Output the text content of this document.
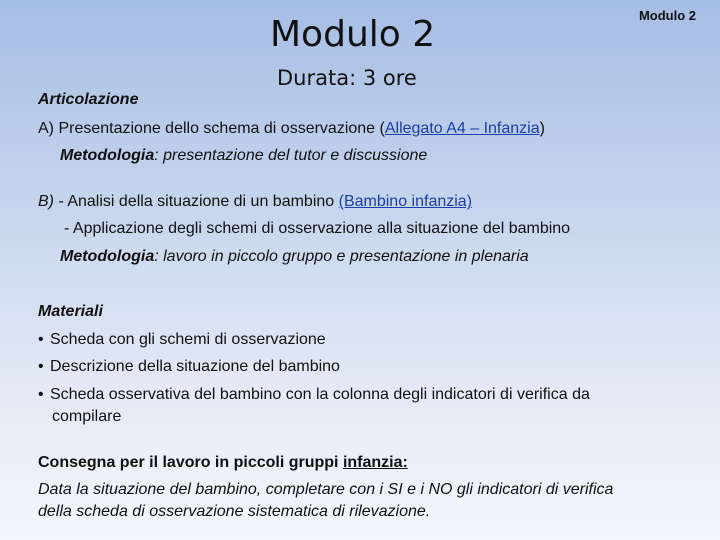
Modulo 2	Modulo 2
Durata: 3 ore
Articolazione
A) Presentazione dello schema di osservazione (Allegato A4 – Infanzia)
Metodologia: presentazione del tutor e discussione
B) - Analisi della situazione di un bambino (Bambino infanzia)
- Applicazione degli schemi di osservazione alla situazione del bambino
Metodologia: lavoro in piccolo gruppo e presentazione in plenaria
Materiali
• Scheda con gli schemi di osservazione
• Descrizione della situazione del bambino
• Scheda osservativa del bambino con la colonna degli indicatori di verifica da
compilare
Consegna per il lavoro in piccoli gruppi infanzia:
Data la situazione del bambino, completare con i SI e i NO gli indicatori di verifica
della scheda di osservazione sistematica di rilevazione.
